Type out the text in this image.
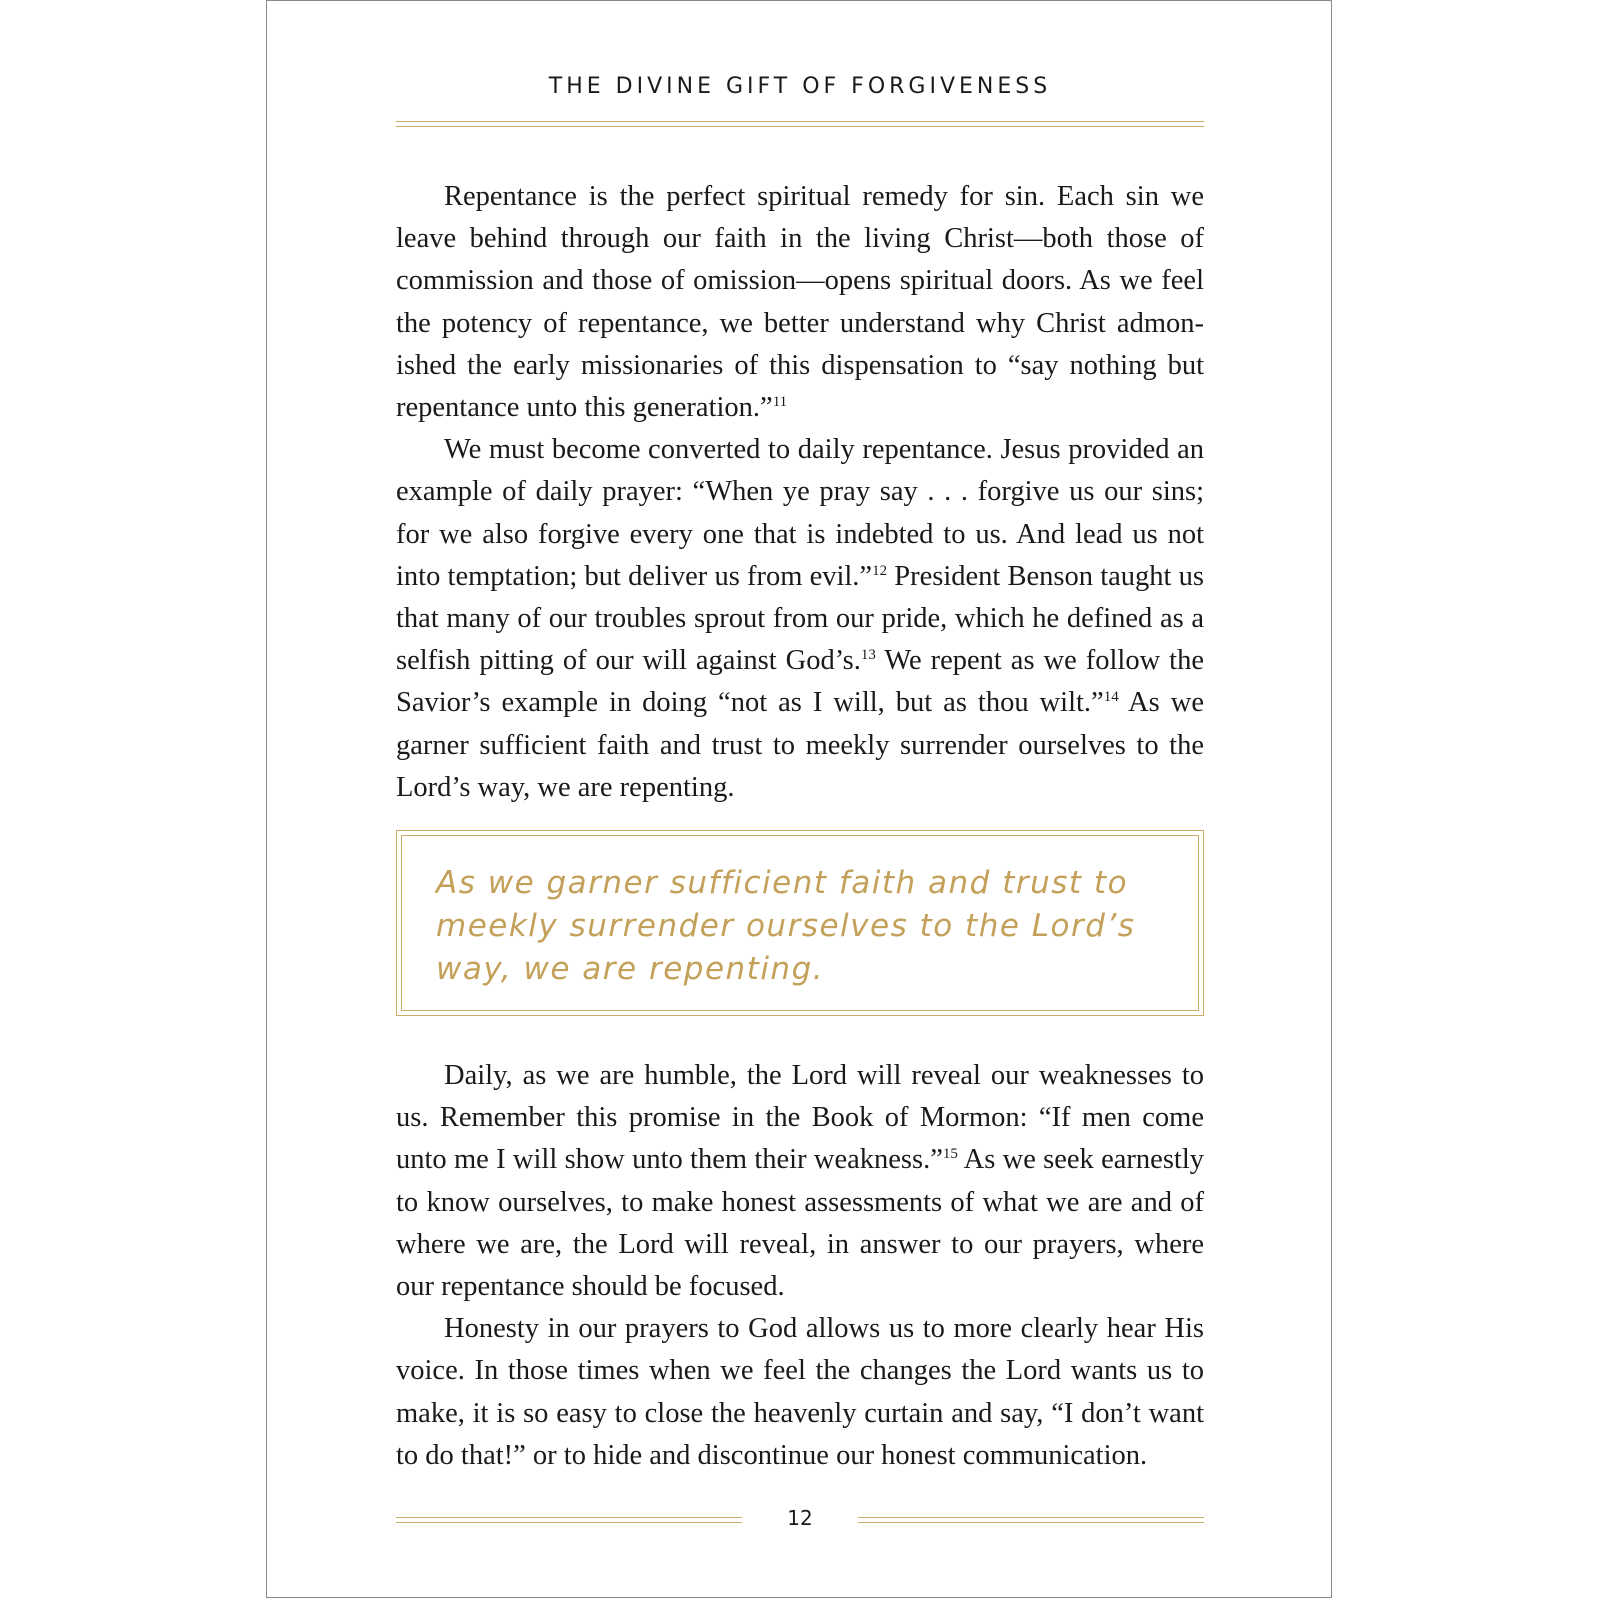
THE DIVINE GIFT OF FORGIVENESS

Repentance is the perfect spiritual remedy for sin. Each sin we leave behind through our faith in the living Christ—both those of commission and those of omission—opens spiritual doors. As we feel the potency of repentance, we better understand why Christ admonished the early missionaries of this dispensation to “say nothing but repentance unto this generation.”$^{11}$

We must become converted to daily repentance. Jesus provided an example of daily prayer: “When ye pray say . . . forgive us our sins; for we also forgive every one that is indebted to us. And lead us not into temptation; but deliver us from evil.”$^{12}$ President Benson taught us that many of our troubles sprout from our pride, which he defined as a selfish pitting of our will against God’s.$^{13}$ We repent as we follow the Savior’s example in doing “not as I will, but as thou wilt.”$^{14}$ As we garner sufficient faith and trust to meekly surrender ourselves to the Lord’s way, we are repenting.

As we garner sufficient faith and trust to meekly surrender ourselves to the Lord’s way, we are repenting.

Daily, as we are humble, the Lord will reveal our weaknesses to us. Remember this promise in the Book of Mormon: “If men come unto me I will show unto them their weakness.”$^{15}$ As we seek earnestly to know ourselves, to make honest assessments of what we are and of where we are, the Lord will reveal, in answer to our prayers, where our repentance should be focused.

Honesty in our prayers to God allows us to more clearly hear His voice. In those times when we feel the changes the Lord wants us to make, it is so easy to close the heavenly curtain and say, “I don’t want to do that!” or to hide and discontinue our honest communication.

12
